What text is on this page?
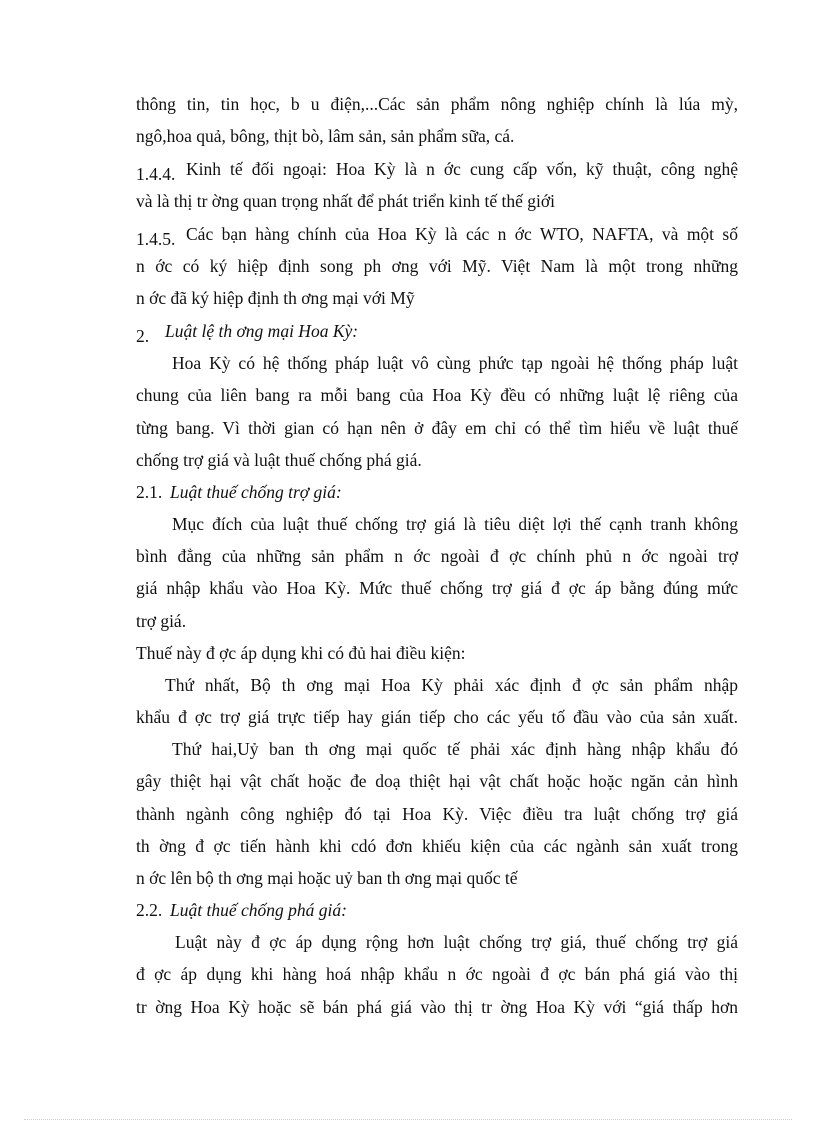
thông tin, tin học, b u điện,...Các sản phẩm nông nghiệp chính là lúa mỳ,
ngô,hoa quả, bông, thịt bò, lâm sản, sản phẩm sữa, cá.
1.4.4. Kinh tế đối ngoại: Hoa Kỳ là n ớc cung cấp vốn, kỹ thuật, công nghệ
và là thị tr ờng quan trọng nhất để phát triển kinh tế thế giới
1.4.5. Các bạn hàng chính của Hoa Kỳ là các n ớc WTO, NAFTA, và một số
n ớc có ký hiệp định song ph ơng với Mỹ. Việt Nam là một trong những
n ớc đã ký hiệp định th ơng mại với Mỹ
2. Luật lệ th ơng mại Hoa Kỳ:
Hoa Kỳ có hệ thống pháp luật vô cùng phức tạp ngoài hệ thống pháp luật
chung của liên bang ra mỗi bang của Hoa Kỳ đều có những luật lệ riêng của
từng bang. Vì thời gian có hạn nên ở đây em chỉ có thể tìm hiểu về luật thuế
chống trợ giá và luật thuế chống phá giá.
2.1. Luật thuế chống trợ giá:
Mục đích của luật thuế chống trợ giá là tiêu diệt lợi thế cạnh tranh không
bình đẳng của những sản phẩm n ớc ngoài đ ợc chính phủ n ớc ngoài trợ
giá nhập khẩu vào Hoa Kỳ. Mức thuế chống trợ giá đ ợc áp bằng đúng mức
trợ giá.
Thuế này đ ợc áp dụng khi có đủ hai điều kiện:
Thứ nhất, Bộ th ơng mại Hoa Kỳ phải xác định đ ợc sản phẩm nhập
khẩu đ ợc trợ giá trực tiếp hay gián tiếp cho các yếu tố đầu vào của sản xuất.
Thứ hai,Uỷ ban th ơng mại quốc tế phải xác định hàng nhập khẩu đó
gây thiệt hại vật chất hoặc đe doạ thiệt hại vật chất hoặc hoặc ngăn cản hình
thành ngành công nghiệp đó tại Hoa Kỳ. Việc điều tra luật chống trợ giá
th ờng đ ợc tiến hành khi cdó đơn khiếu kiện của các ngành sản xuất trong
n ớc lên bộ th ơng mại hoặc uỷ ban th ơng mại quốc tế
2.2. Luật thuế chống phá giá:
Luật này đ ợc áp dụng rộng hơn luật chống trợ giá, thuế chống trợ giá
đ ợc áp dụng khi hàng hoá nhập khẩu n ớc ngoài đ ợc bán phá giá vào thị
tr ờng Hoa Kỳ hoặc sẽ bán phá giá vào thị tr ờng Hoa Kỳ với “giá thấp hơn
